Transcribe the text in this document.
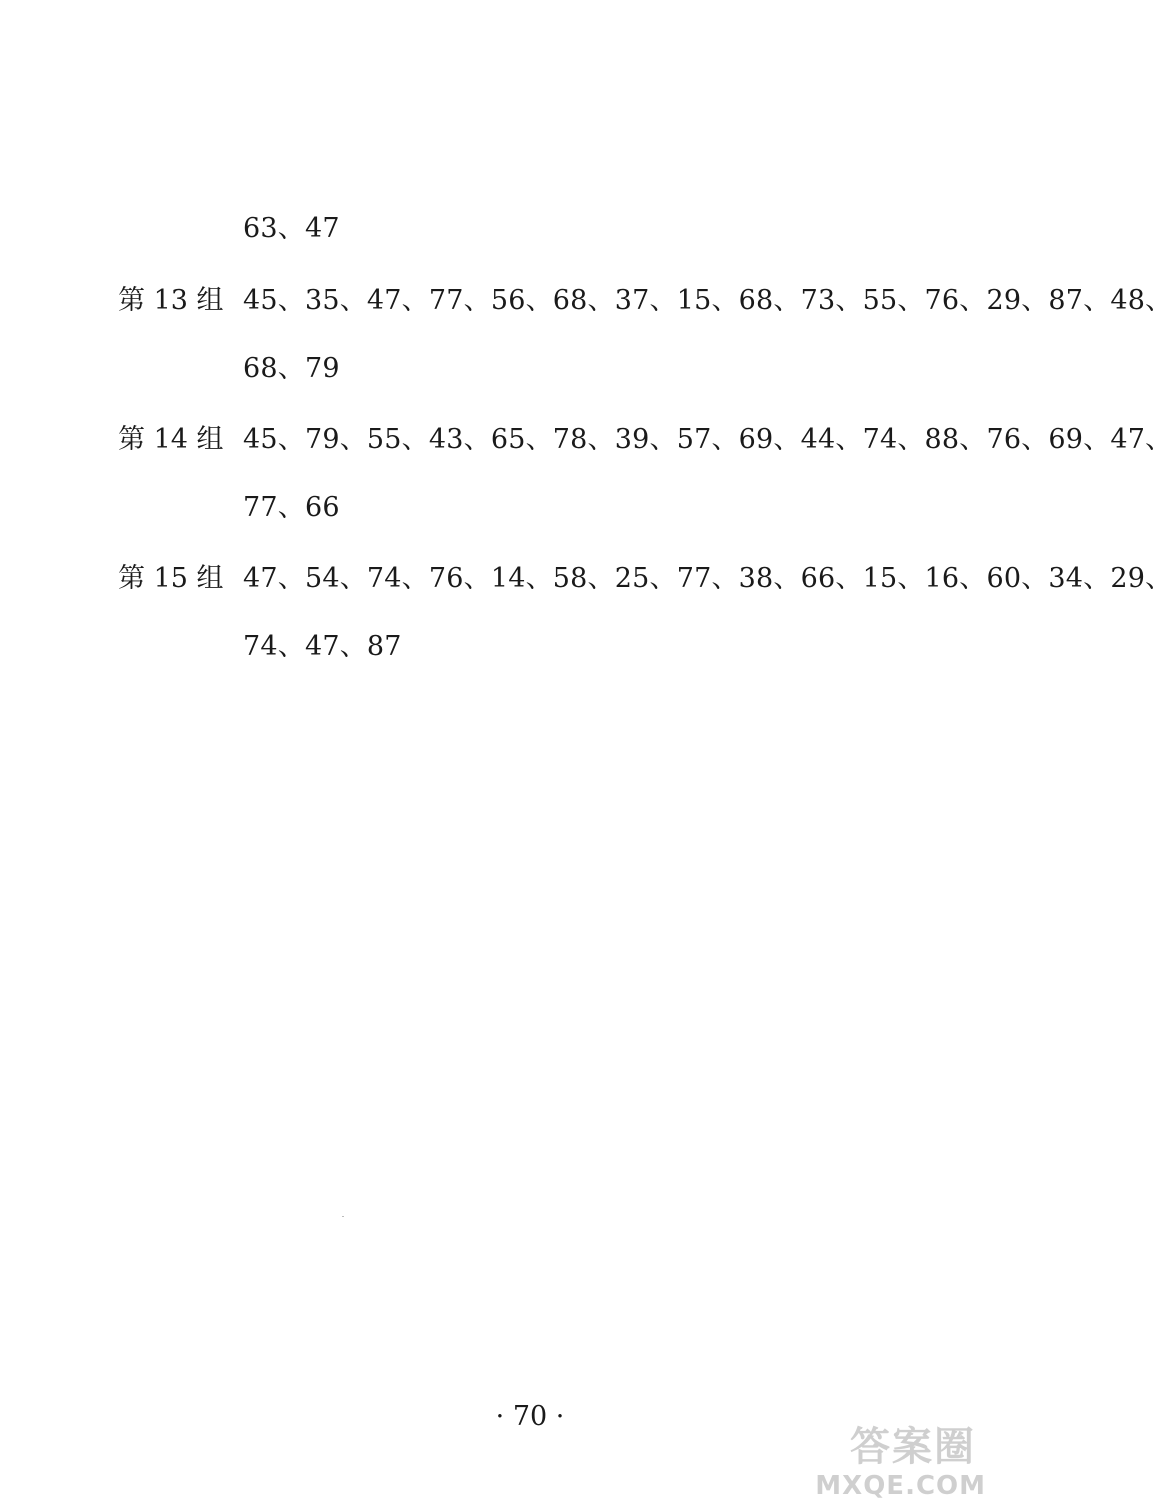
63、47
第 13 组 45、35、47、77、56、68、37、15、68、73、55、76、29、87、48、
68、79
第 14 组 45、79、55、43、65、78、39、57、69、44、74、88、76、69、47、
77、66
第 15 组 47、54、74、76、14、58、25、77、38、66、15、16、60、34、29、
74、47、87
· 70 ·
答案圈
MXQE.COM
